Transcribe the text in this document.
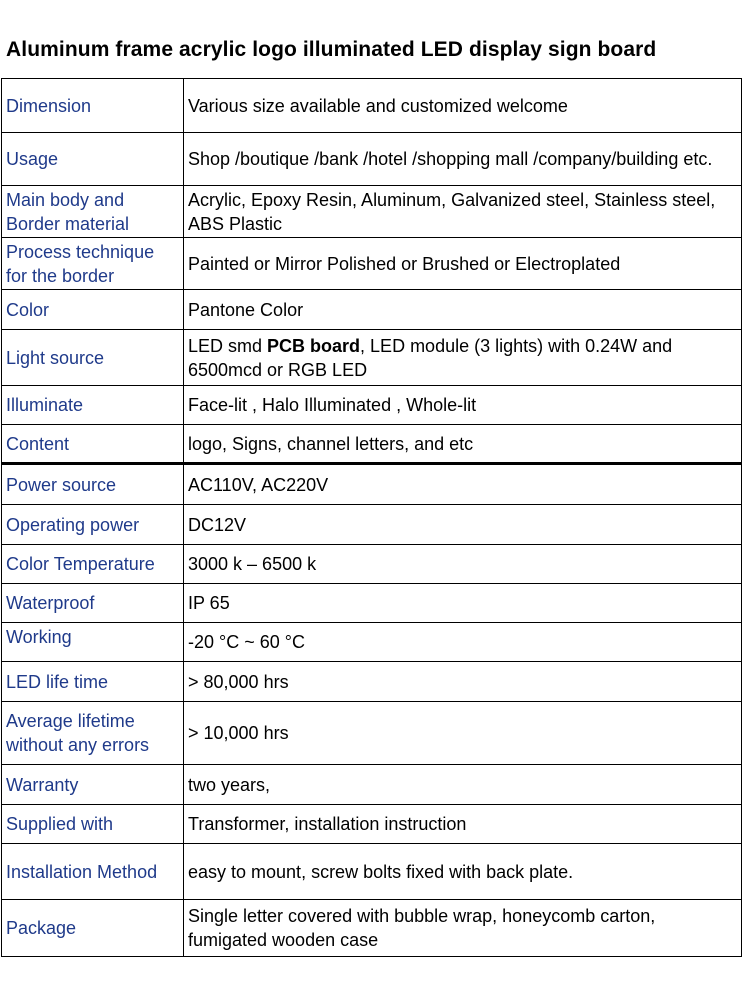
Aluminum frame acrylic logo illuminated LED display sign board
Dimension	Various size available and customized welcome
Usage	Shop /boutique /bank /hotel /shopping mall /company/building etc.
Main body and Border material	Acrylic, Epoxy Resin, Aluminum, Galvanized steel, Stainless steel, ABS Plastic
Process technique for the border	Painted or Mirror Polished or Brushed or Electroplated
Color	Pantone Color
Light source	LED smd PCB board, LED module (3 lights) with 0.24W and 6500mcd or RGB LED
Illuminate	Face-lit , Halo Illuminated , Whole-lit
Content	logo, Signs, channel letters, and etc
Power source	AC110V, AC220V
Operating power	DC12V
Color Temperature	3000 k – 6500 k
Waterproof	IP 65
Working	-20 °C ~ 60 °C
LED life time	> 80,000 hrs
Average lifetime without any errors	> 10,000 hrs
Warranty	two years,
Supplied with	Transformer, installation instruction
Installation Method	easy to mount, screw bolts fixed with back plate.
Package	Single letter covered with bubble wrap, honeycomb carton, fumigated wooden case
